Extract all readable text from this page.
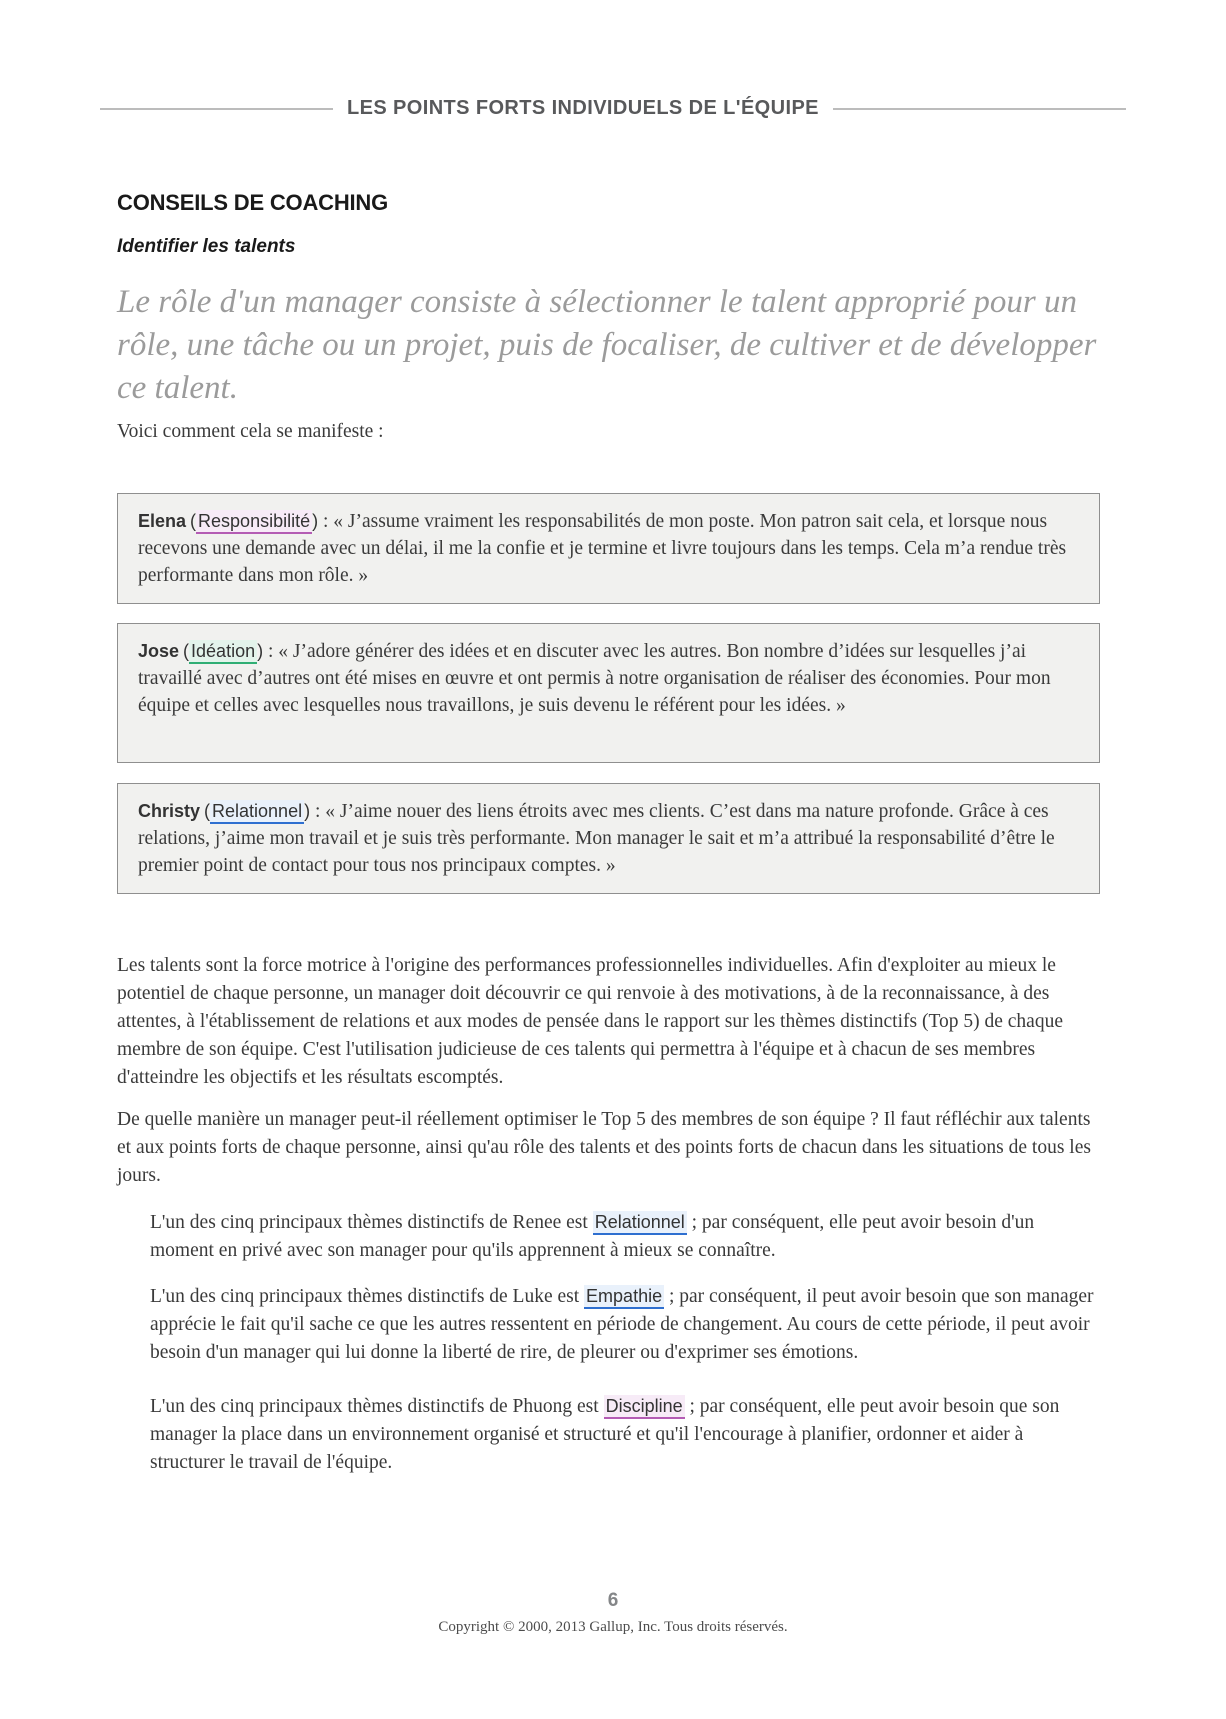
LES POINTS FORTS INDIVIDUELS DE L'ÉQUIPE
CONSEILS DE COACHING
Identifier les talents

Le rôle d'un manager consiste à sélectionner le talent approprié pour un rôle, une tâche ou un projet, puis de focaliser, de cultiver et de développer ce talent.

Voici comment cela se manifeste :

Elena ( Responsibilité ) : « J’assume vraiment les responsabilités de mon poste. Mon patron sait cela, et lorsque nous recevons une demande avec un délai, il me la confie et je termine et livre toujours dans les temps. Cela m’a rendue très performante dans mon rôle. »
Jose ( Idéation ) : « J’adore générer des idées et en discuter avec les autres. Bon nombre d’idées sur lesquelles j’ai travaillé avec d’autres ont été mises en œuvre et ont permis à notre organisation de réaliser des économies. Pour mon équipe et celles avec lesquelles nous travaillons, je suis devenu le référent pour les idées. »
Christy ( Relationnel ) : « J’aime nouer des liens étroits avec mes clients. C’est dans ma nature profonde. Grâce à ces relations, j’aime mon travail et je suis très performante. Mon manager le sait et m’a attribué la responsabilité d’être le premier point de contact pour tous nos principaux comptes. »

Les talents sont la force motrice à l'origine des performances professionnelles individuelles. Afin d'exploiter au mieux le potentiel de chaque personne, un manager doit découvrir ce qui renvoie à des motivations, à de la reconnaissance, à des attentes, à l'établissement de relations et aux modes de pensée dans le rapport sur les thèmes distinctifs (Top 5) de chaque membre de son équipe. C'est l'utilisation judicieuse de ces talents qui permettra à l'équipe et à chacun de ses membres d'atteindre les objectifs et les résultats escomptés.

De quelle manière un manager peut-il réellement optimiser le Top 5 des membres de son équipe ? Il faut réfléchir aux talents et aux points forts de chaque personne, ainsi qu'au rôle des talents et des points forts de chacun dans les situations de tous les jours.

L'un des cinq principaux thèmes distinctifs de Renee est Relationnel ; par conséquent, elle peut avoir besoin d'un moment en privé avec son manager pour qu'ils apprennent à mieux se connaître.

L'un des cinq principaux thèmes distinctifs de Luke est Empathie ; par conséquent, il peut avoir besoin que son manager apprécie le fait qu'il sache ce que les autres ressentent en période de changement. Au cours de cette période, il peut avoir besoin d'un manager qui lui donne la liberté de rire, de pleurer ou d'exprimer ses émotions.

L'un des cinq principaux thèmes distinctifs de Phuong est Discipline ; par conséquent, elle peut avoir besoin que son manager la place dans un environnement organisé et structuré et qu'il l'encourage à planifier, ordonner et aider à structurer le travail de l'équipe.

6
Copyright © 2000, 2013 Gallup, Inc. Tous droits réservés.
